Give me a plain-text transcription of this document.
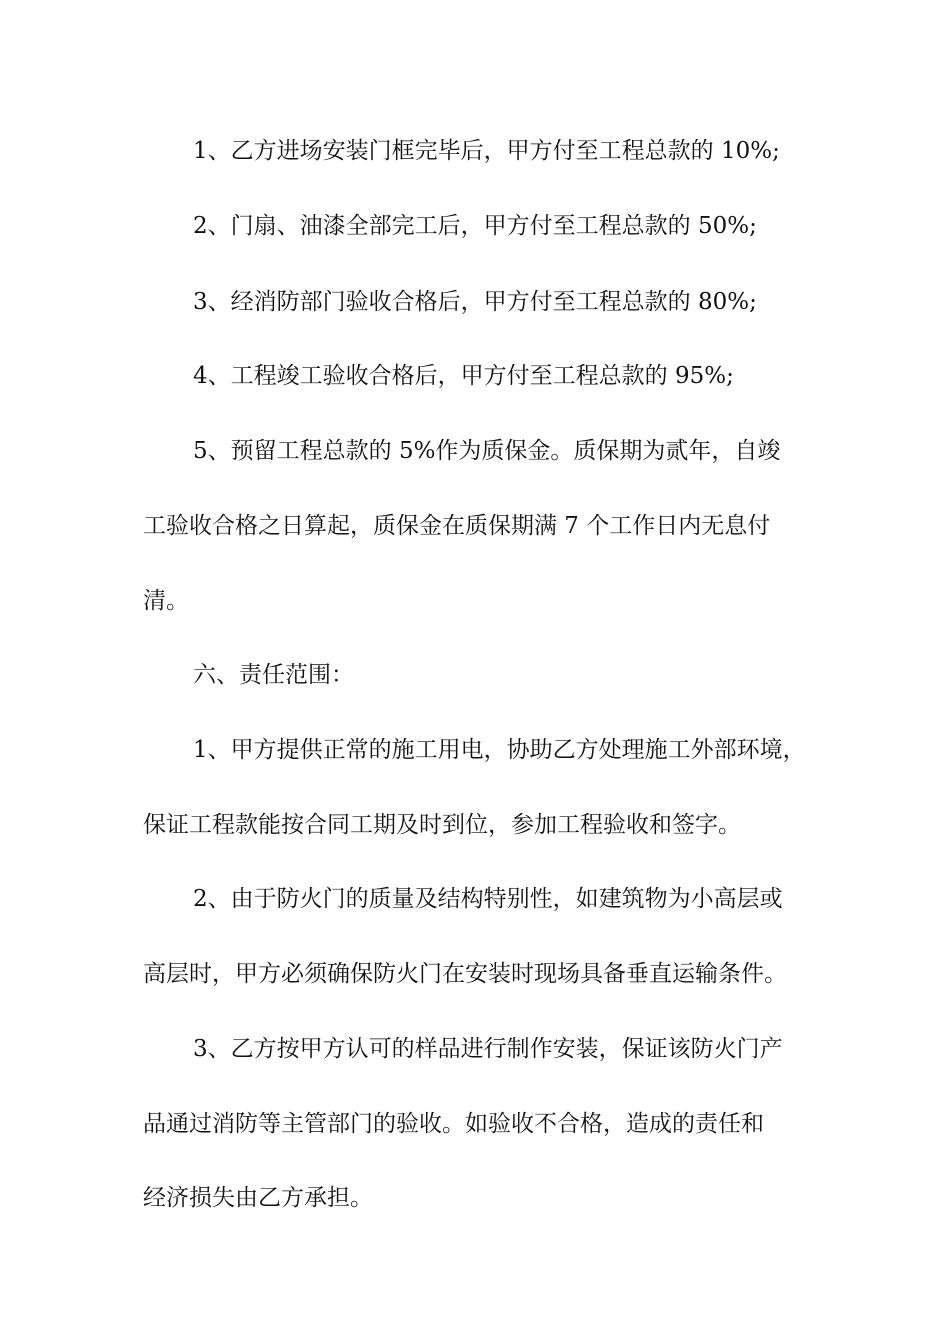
1、乙方进场安装门框完毕后，甲方付至工程总款的 10%;
2、门扇、油漆全部完工后，甲方付至工程总款的 50%;
3、经消防部门验收合格后，甲方付至工程总款的 80%;
4、工程竣工验收合格后，甲方付至工程总款的 95%;
5、预留工程总款的 5%作为质保金。质保期为贰年，自竣
工验收合格之日算起，质保金在质保期满 7 个工作日内无息付
清。
六、责任范围：
1、甲方提供正常的施工用电，协助乙方处理施工外部环境，
保证工程款能按合同工期及时到位，参加工程验收和签字。
2、由于防火门的质量及结构特别性，如建筑物为小高层或
高层时，甲方必须确保防火门在安装时现场具备垂直运输条件。
3、乙方按甲方认可的样品进行制作安装，保证该防火门产
品通过消防等主管部门的验收。如验收不合格，造成的责任和
经济损失由乙方承担。
